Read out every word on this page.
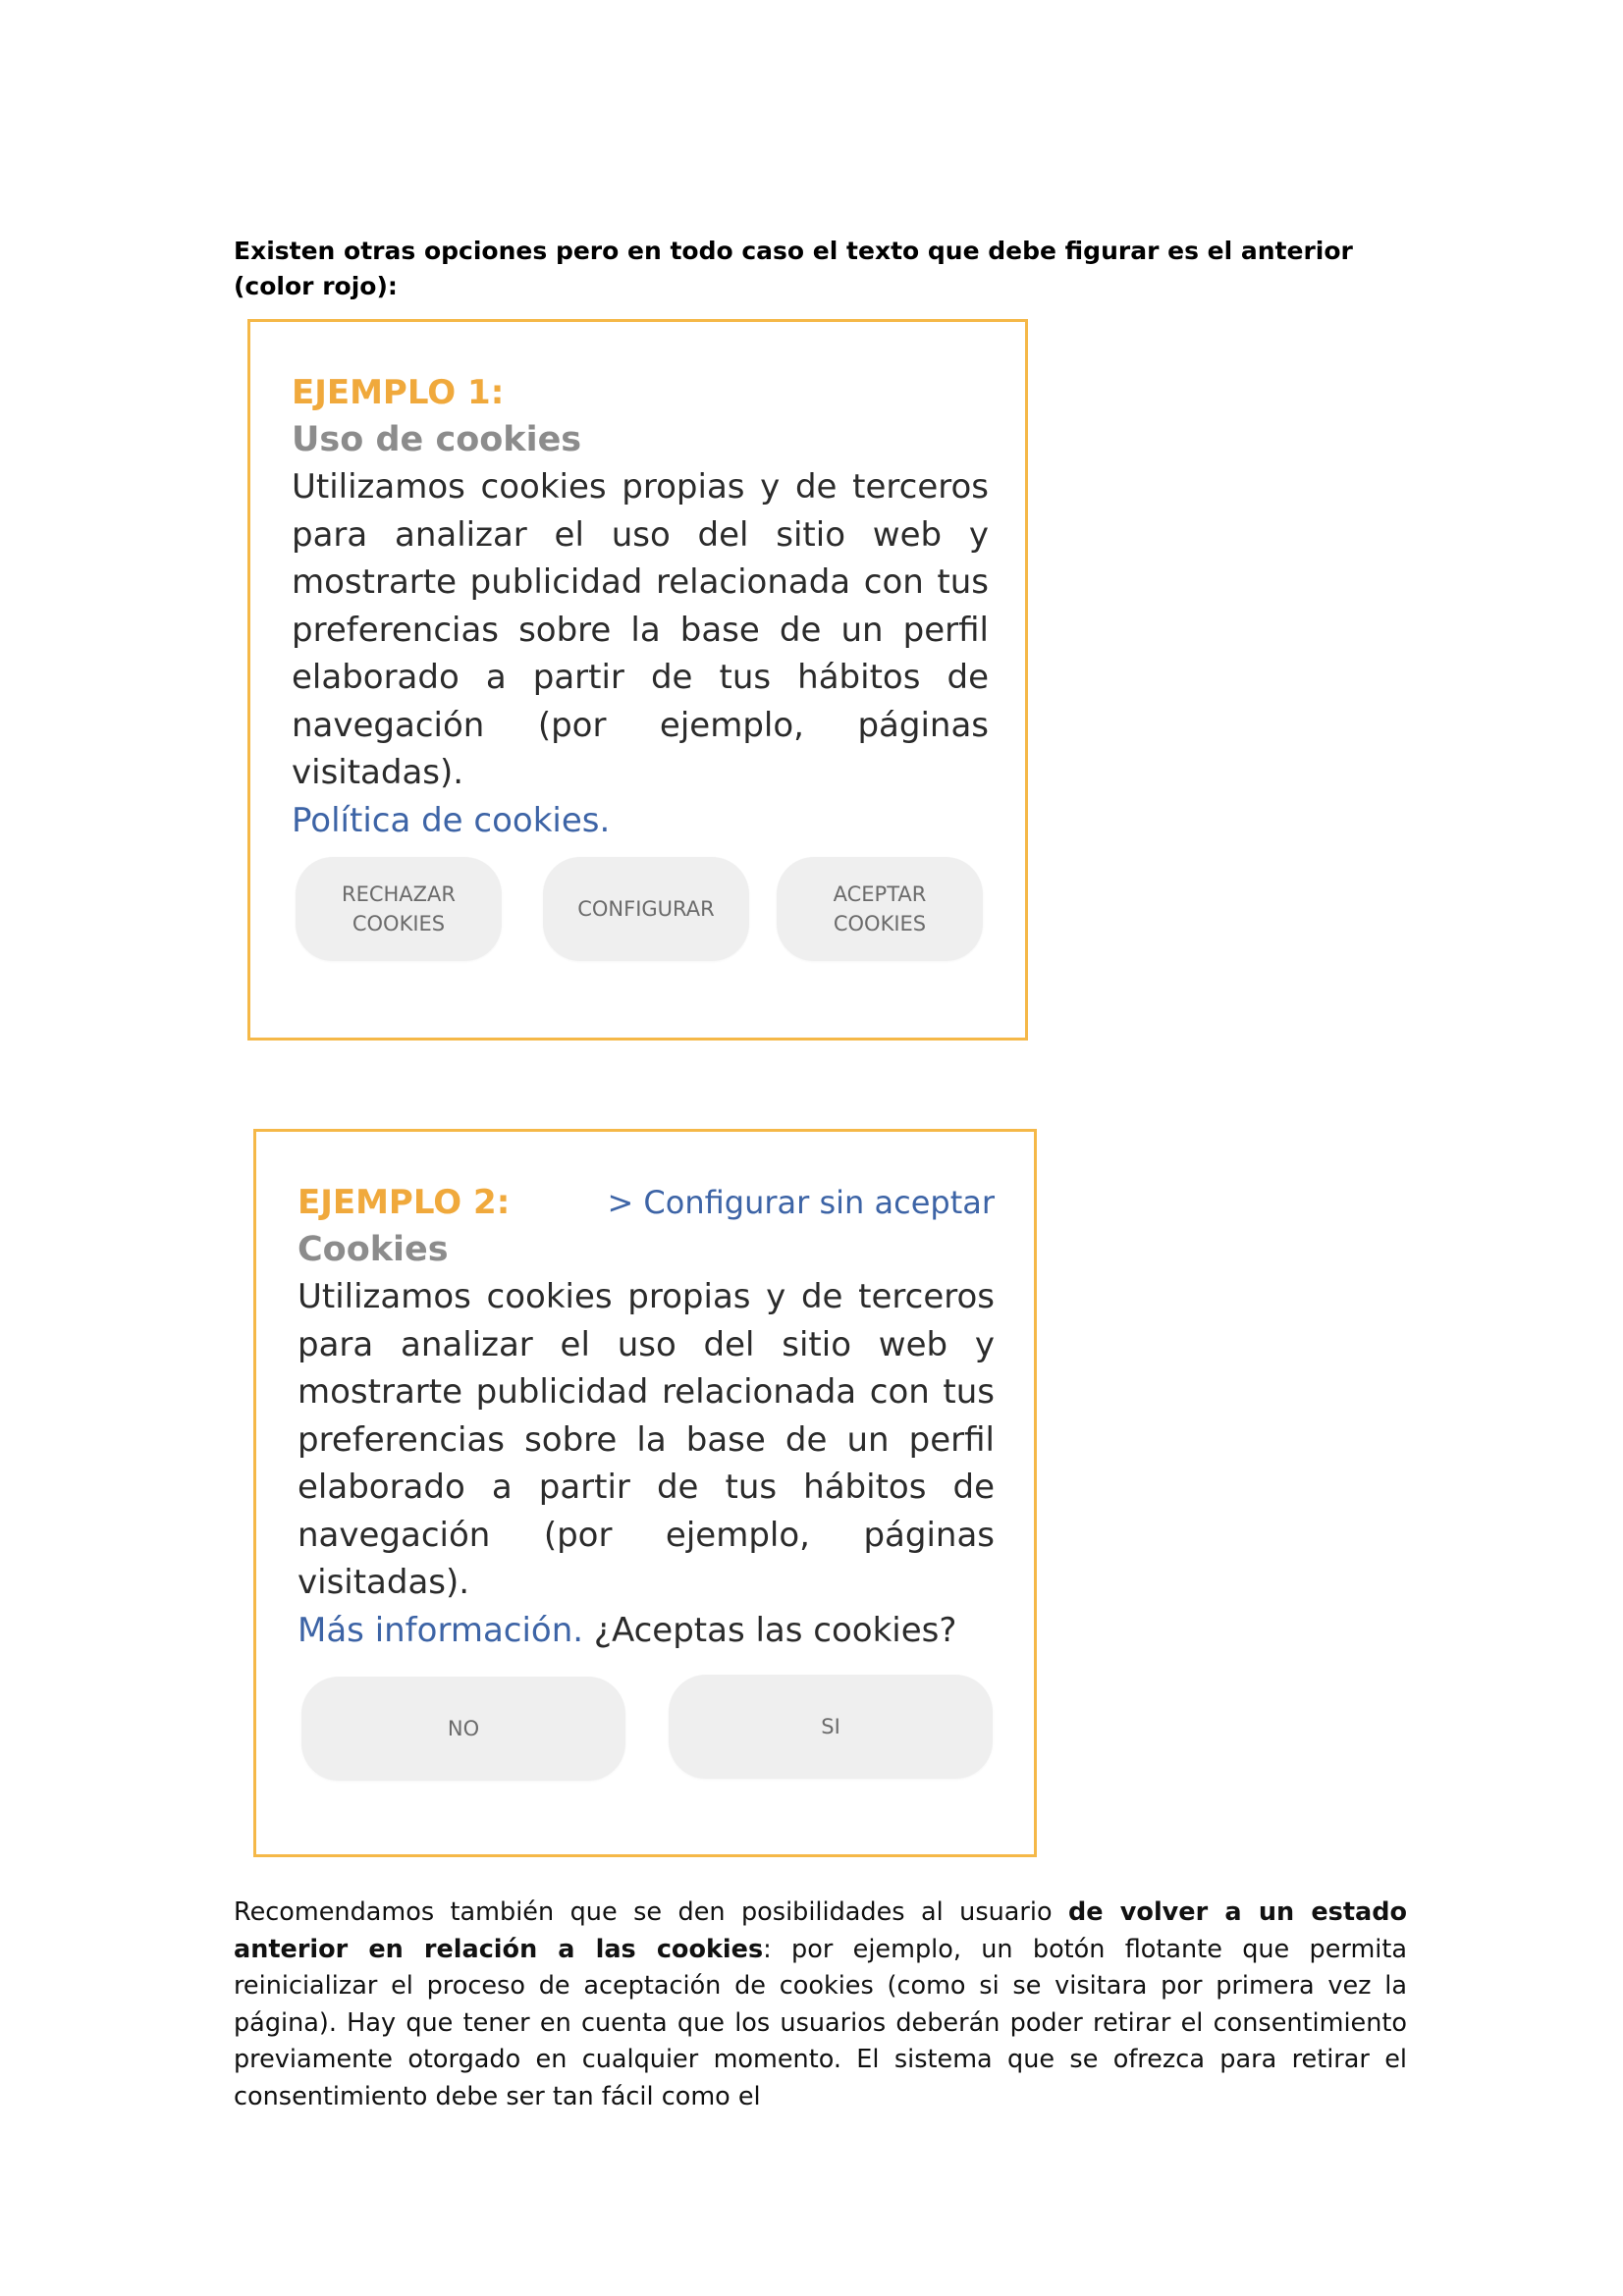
Existen otras opciones pero en todo caso el texto que debe figurar es el anterior (color rojo):

EJEMPLO 1:
Uso de cookies

Utilizamos cookies propias y de terceros para analizar el uso del sitio web y mostrarte publicidad relacionada con tus preferencias sobre la base de un perfil elaborado a partir de tus hábitos de navegación (por ejemplo, páginas visitadas).
Política de cookies.

RECHAZAR
COOKIES
CONFIGURAR
ACEPTAR
COOKIES
> Configurar sin aceptar
EJEMPLO 2:
Cookies

Utilizamos cookies propias y de terceros para analizar el uso del sitio web y mostrarte publicidad relacionada con tus preferencias sobre la base de un perfil elaborado a partir de tus hábitos de navegación (por ejemplo, páginas visitadas).
Más información. ¿Aceptas las cookies?

NO	SI

Recomendamos también que se den posibilidades al usuario de volver a un estado anterior en relación a las cookies: por ejemplo, un botón flotante que permita reinicializar el proceso de aceptación de cookies (como si se visitara por primera vez la página). Hay que tener en cuenta que los usuarios deberán poder retirar el consentimiento previamente otorgado en cualquier momento. El sistema que se ofrezca para retirar el consentimiento debe ser tan fácil como el
